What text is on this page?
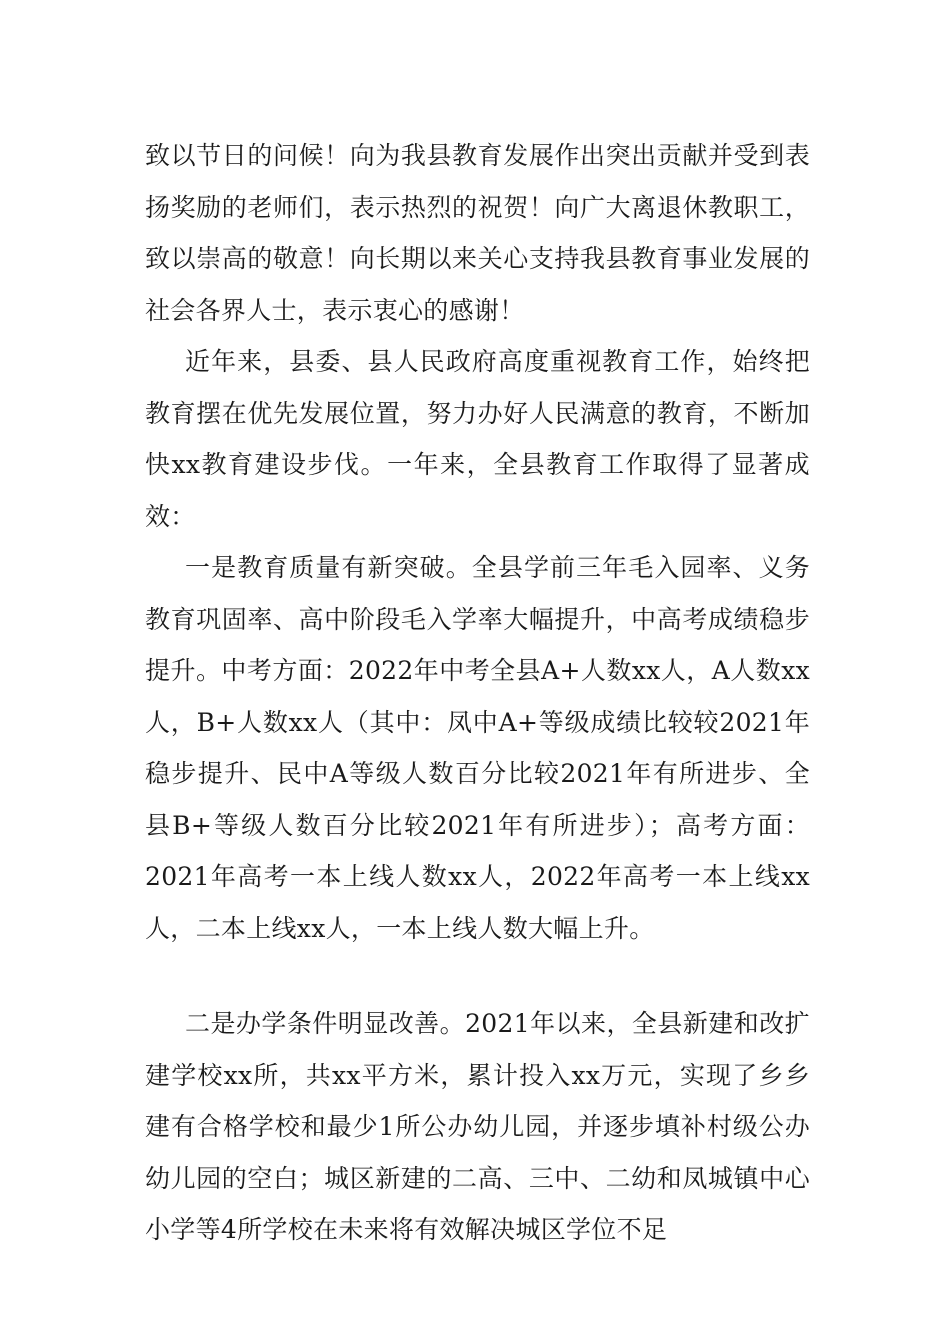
致以节日的问候！向为我县教育发展作出突出贡献并受到表扬奖励的老师们，表示热烈的祝贺！向广大离退休教职工，致以崇高的敬意！向长期以来关心支持我县教育事业发展的社会各界人士，表示衷心的感谢！

近年来，县委、县人民政府高度重视教育工作，始终把教育摆在优先发展位置，努力办好人民满意的教育，不断加快xx教育建设步伐。一年来，全县教育工作取得了显著成效：

一是教育质量有新突破。全县学前三年毛入园率、义务教育巩固率、高中阶段毛入学率大幅提升，中高考成绩稳步提升。中考方面：2022年中考全县A+人数xx人，A人数xx人，B+人数xx人（其中：凤中A+等级成绩比较较2021年稳步提升、民中A等级人数百分比较2021年有所进步、全县B+等级人数百分比较2021年有所进步）；高考方面：2021年高考一本上线人数xx人，2022年高考一本上线xx人，二本上线xx人，一本上线人数大幅上升。

二是办学条件明显改善。2021年以来，全县新建和改扩建学校xx所，共xx平方米，累计投入xx万元，实现了乡乡建有合格学校和最少1所公办幼儿园，并逐步填补村级公办幼儿园的空白；城区新建的二高、三中、二幼和凤城镇中心小学等4所学校在未来将有效解决城区学位不足
